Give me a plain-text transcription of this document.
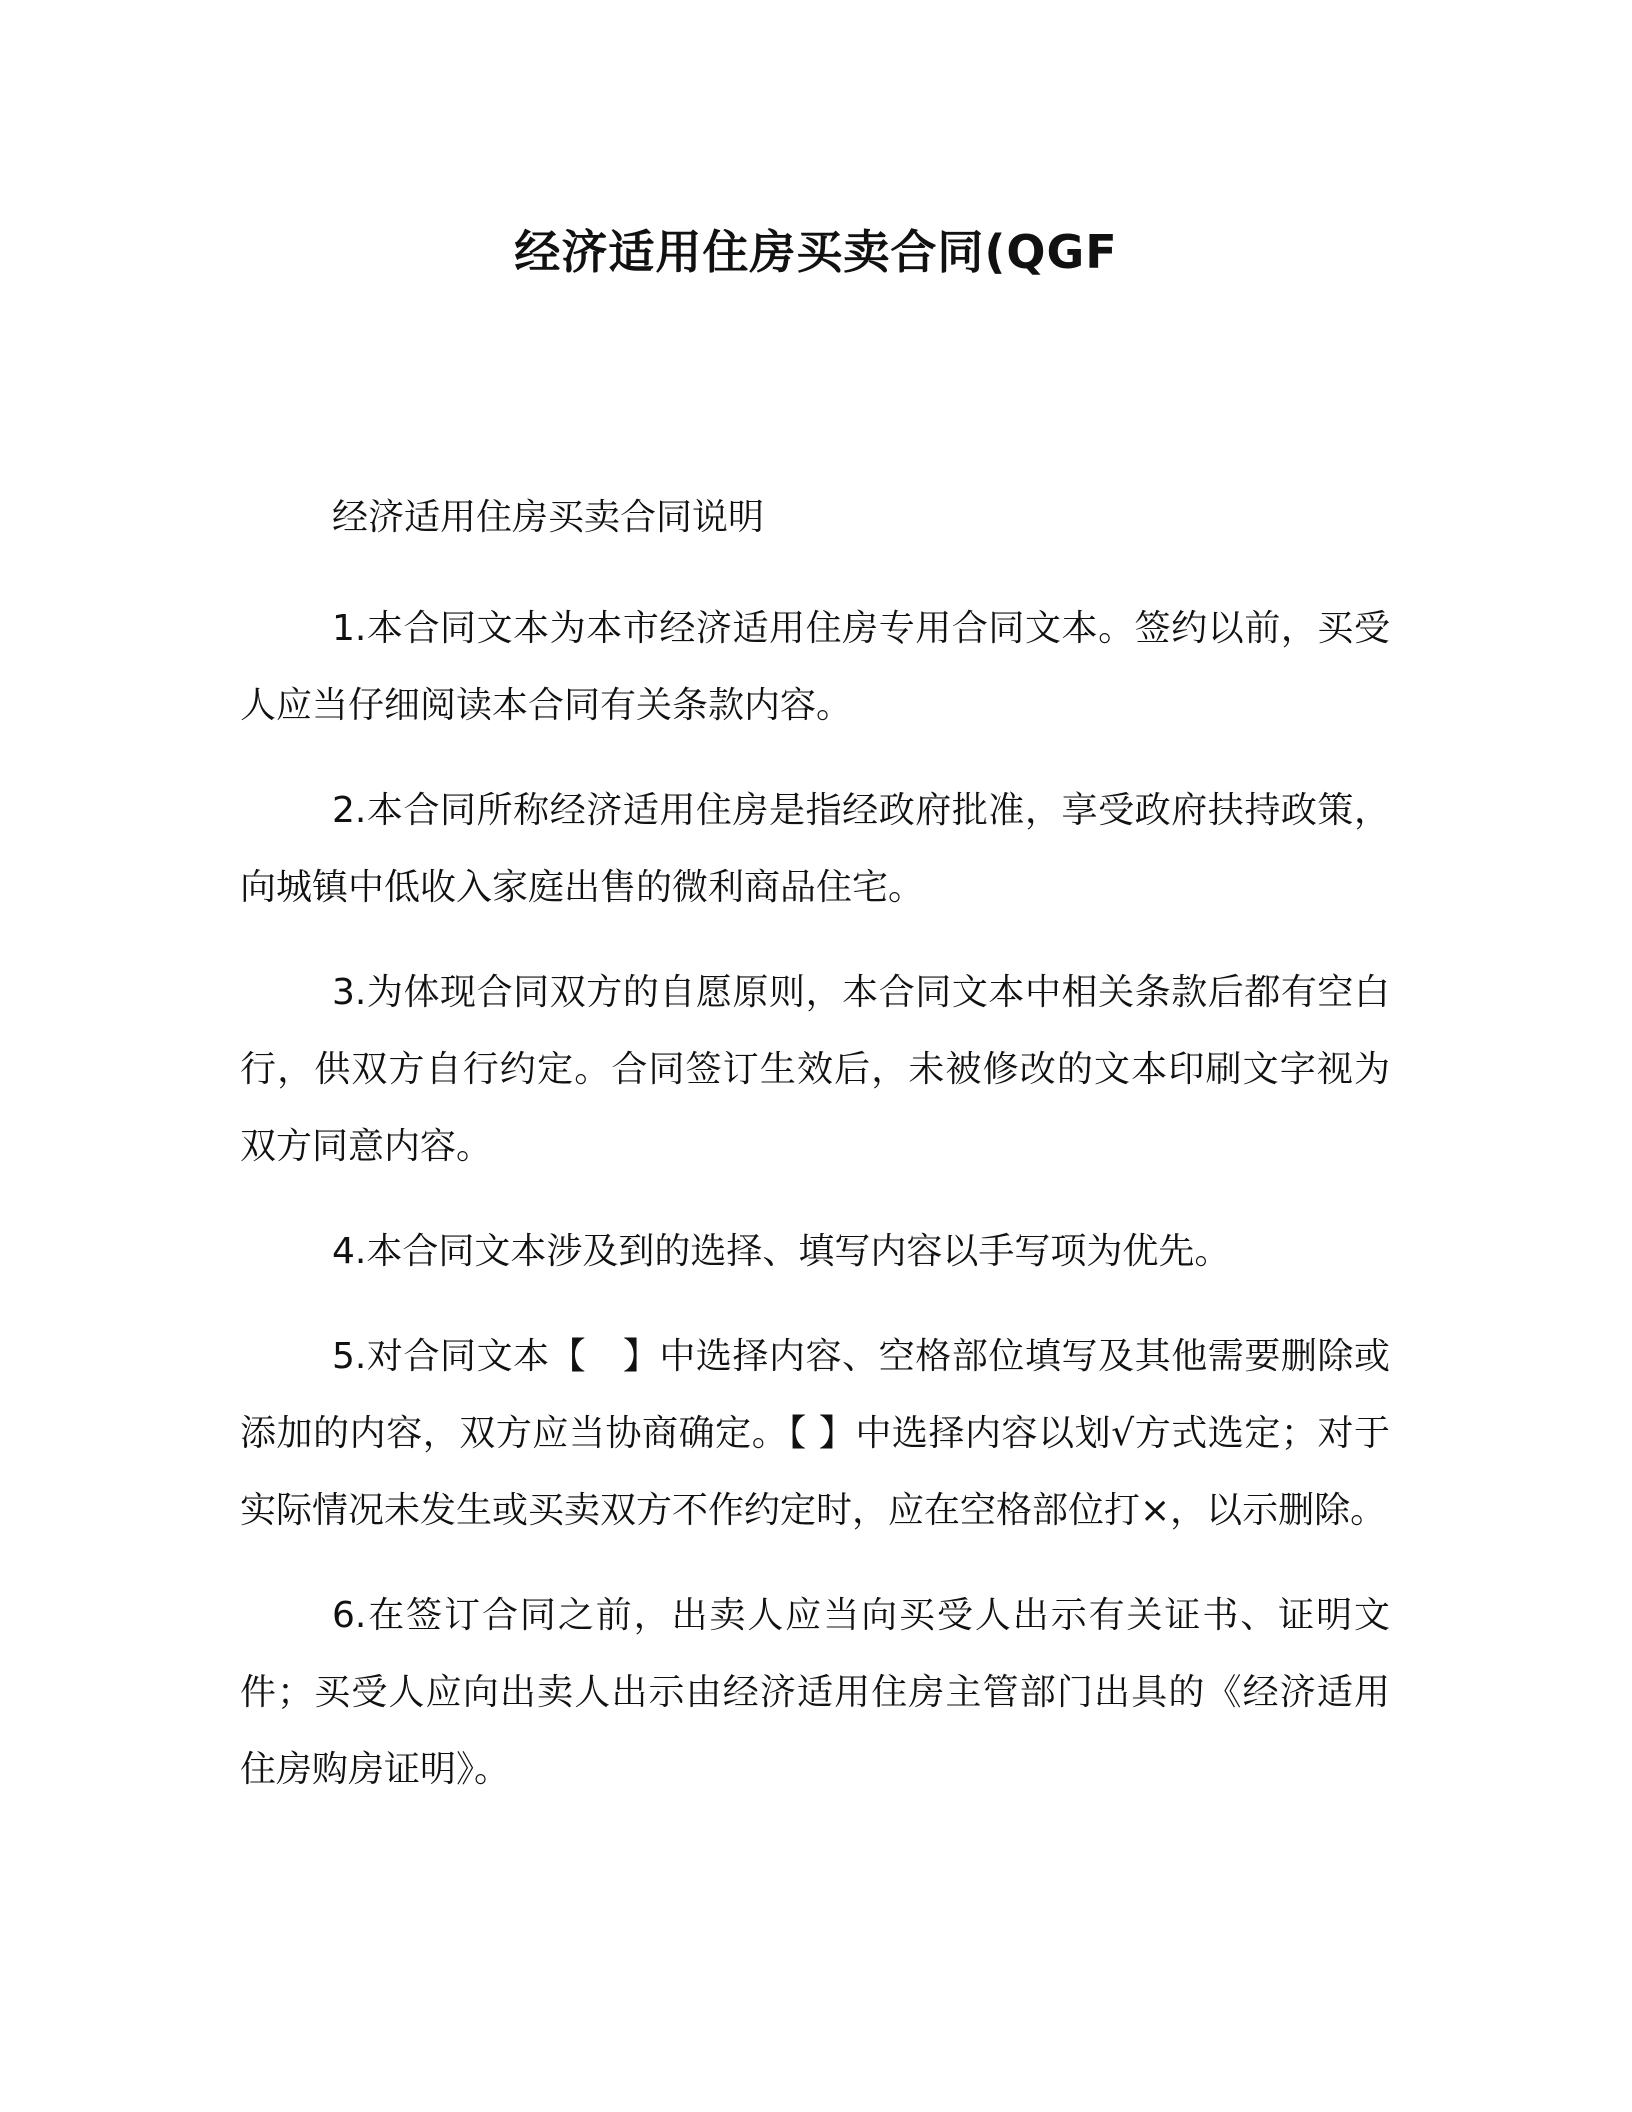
经济适用住房买卖合同(QGF
经济适用住房买卖合同说明

1.本合同文本为本市经济适用住房专用合同文本。签约以前，买受人应当仔细阅读本合同有关条款内容。

2.本合同所称经济适用住房是指经政府批准，享受政府扶持政策，向城镇中低收入家庭出售的微利商品住宅。

3.为体现合同双方的自愿原则，本合同文本中相关条款后都有空白行，供双方自行约定。合同签订生效后，未被修改的文本印刷文字视为双方同意内容。

4.本合同文本涉及到的选择、填写内容以手写项为优先。

5.对合同文本【　】中选择内容、空格部位填写及其他需要删除或添加的内容，双方应当协商确定。【 】中选择内容以划√方式选定；对于实际情况未发生或买卖双方不作约定时，应在空格部位打×，以示删除。

6.在签订合同之前，出卖人应当向买受人出示有关证书、证明文件；买受人应向出卖人出示由经济适用住房主管部门出具的《经济适用住房购房证明》。
